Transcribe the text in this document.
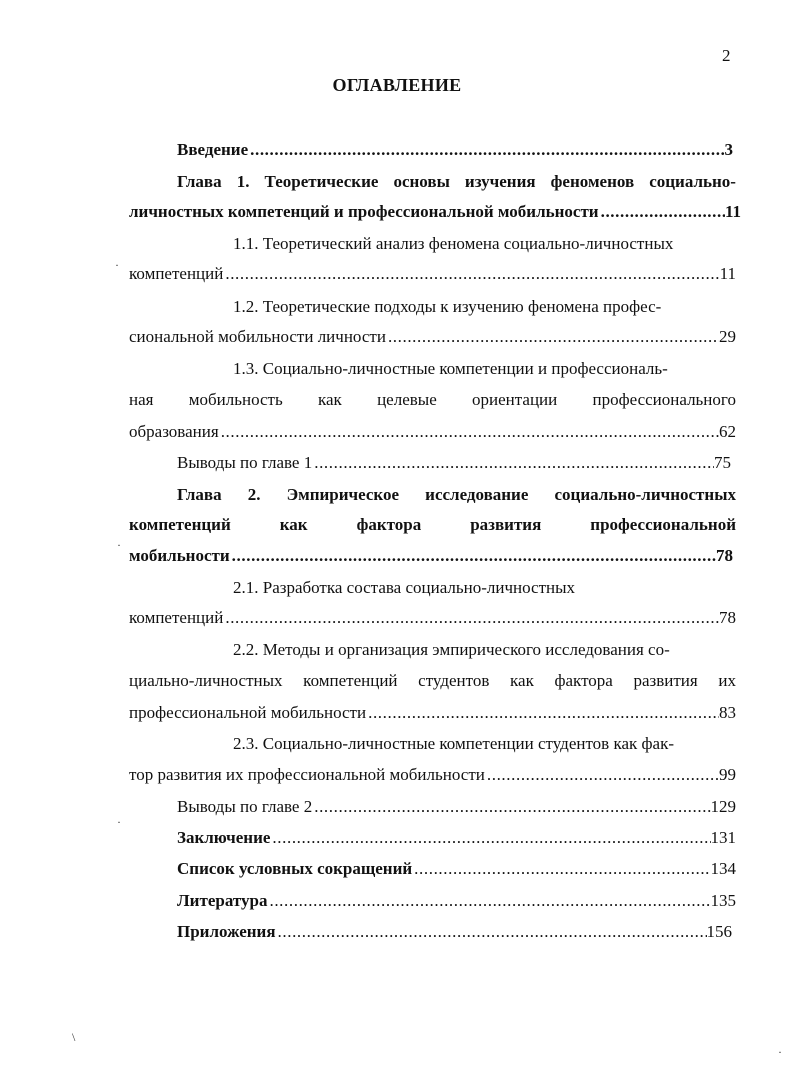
2
ОГЛАВЛЕНИЕ
Введение .....	3
Глава 1. Теоретические основы изучения феноменов социально-
личностных компетенций и профессиональной мобильности .....	11
1.1. Теоретический анализ феномена социально-личностных
компетенций .....	11
1.2. Теоретические подходы к изучению феномена профес-
сиональной мобильности личности .....	29
1.3. Социально-личностные компетенции и профессиональ-
ная мобильность как целевые ориентации профессионального
образования .....	62
Выводы по главе 1 .....	75
Глава 2. Эмпирическое исследование социально-личностных
компетенций	как	фактора	развития	профессиональной
мобильности .....	78
2.1. Разработка состава социально-личностных
компетенций .....	78
2.2. Методы и организация эмпирического исследования со-
циально-личностных компетенций студентов как фактора развития их
профессиональной мобильности .....	83
2.3. Социально-личностные компетенции студентов как фак-
тор развития их профессиональной мобильности .....	99
Выводы по главе 2 .....	129
Заключение .....	131
Список условных сокращений .....	134
Литература .....	135
Приложения .....	156
·
·
·
\
·
